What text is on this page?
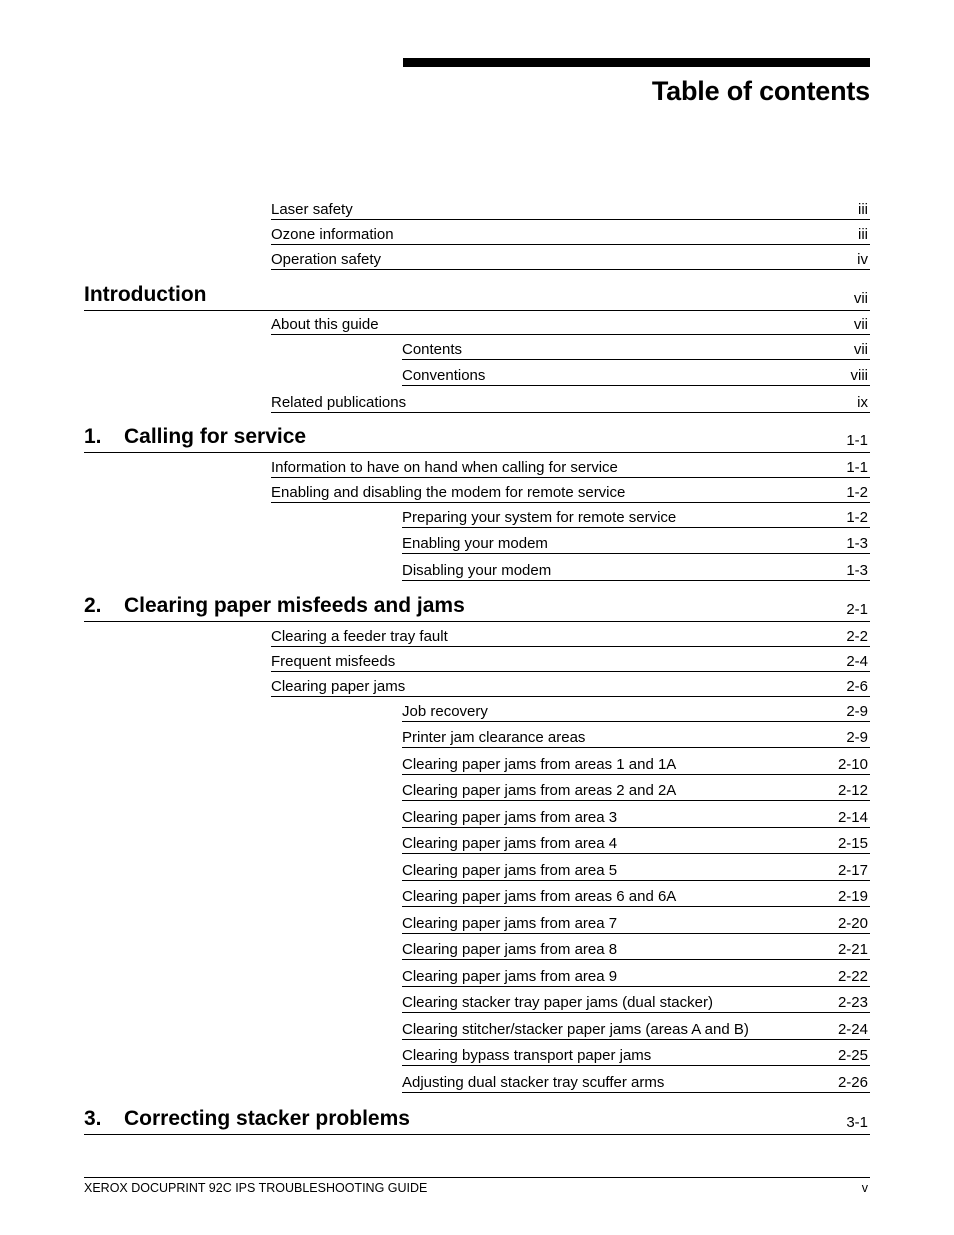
Table of contents
Laser safety	iii
Ozone information	iii
Operation safety	iv
Introduction	vii
About this guide	vii
Contents	vii
Conventions	viii
Related publications	ix
1. Calling for service	1-1
Information to have on hand when calling for service	1-1
Enabling and disabling the modem for remote service	1-2
Preparing your system for remote service	1-2
Enabling your modem	1-3
Disabling your modem	1-3
2. Clearing paper misfeeds and jams	2-1
Clearing a feeder tray fault	2-2
Frequent misfeeds	2-4
Clearing paper jams	2-6
Job recovery	2-9
Printer jam clearance areas	2-9
Clearing paper jams from areas 1 and 1A	2-10
Clearing paper jams from areas 2 and 2A	2-12
Clearing paper jams from area 3	2-14
Clearing paper jams from area 4	2-15
Clearing paper jams from area 5	2-17
Clearing paper jams from areas 6 and 6A	2-19
Clearing paper jams from area 7	2-20
Clearing paper jams from area 8	2-21
Clearing paper jams from area 9	2-22
Clearing stacker tray paper jams (dual stacker)	2-23
Clearing stitcher/stacker paper jams (areas A and B)	2-24
Clearing bypass transport paper jams	2-25
Adjusting dual stacker tray scuffer arms	2-26
3. Correcting stacker problems	3-1
XEROX DOCUPRINT 92C IPS TROUBLESHOOTING GUIDE	v
